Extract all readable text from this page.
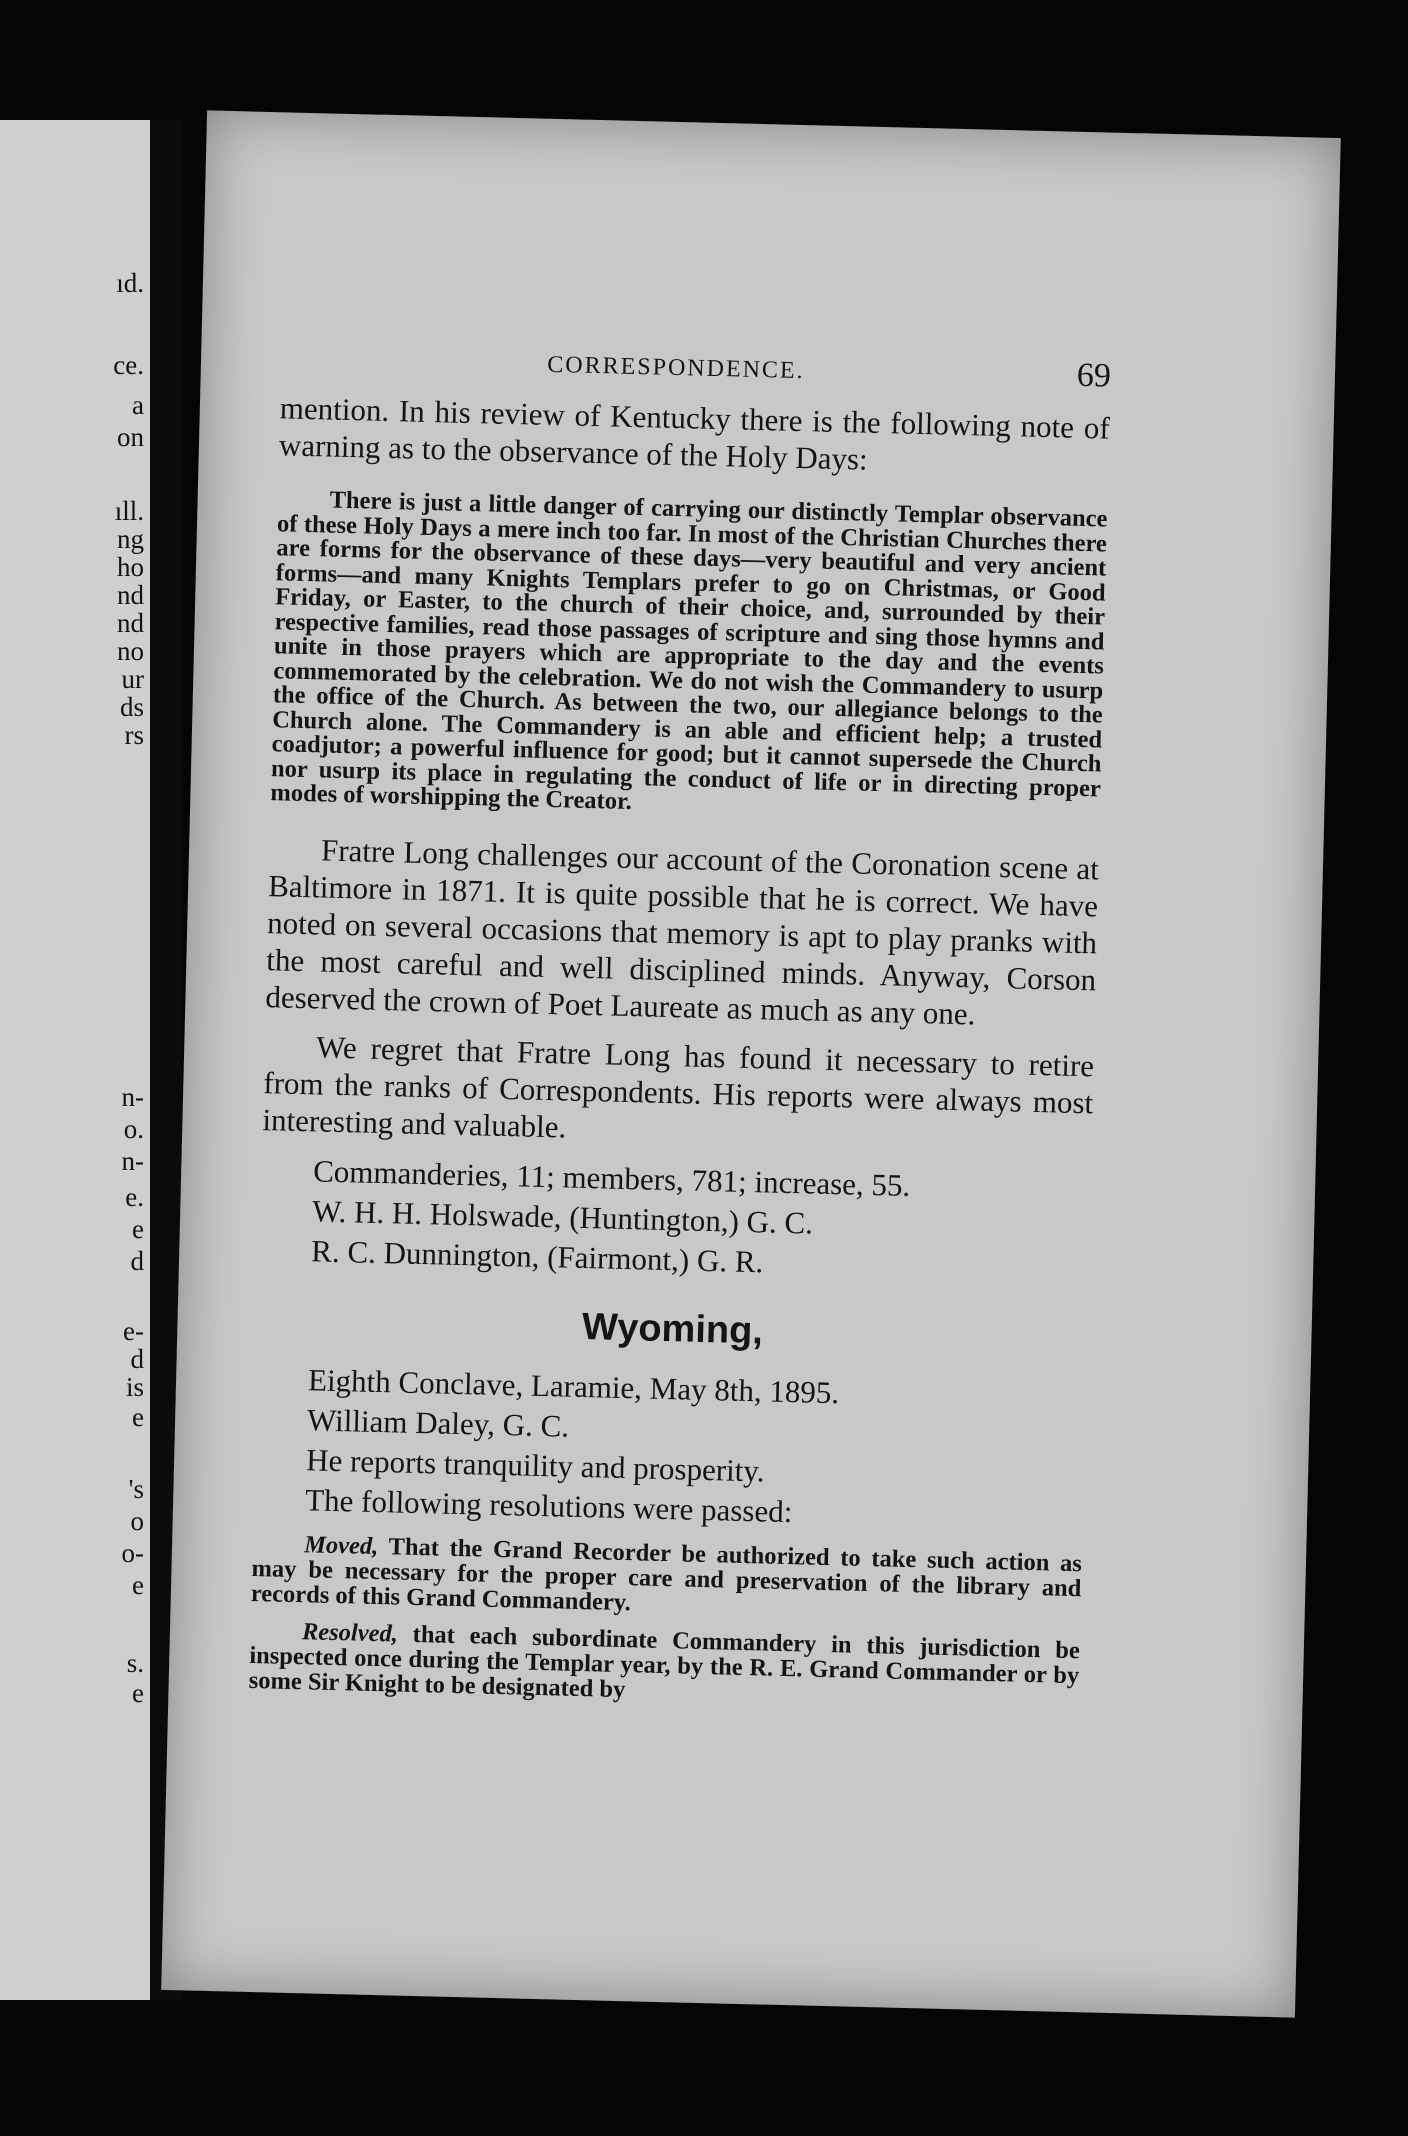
ıd.
ce.
a
on
ıll.
ng
ho
nd
nd
no
ur
ds
rs
n-
o.
n-
e.
e
d
e-
d
is
e
's
o
o-
e
s.
e
CORRESPONDENCE.	69

mention. In his review of Kentucky there is the following note of warning as to the observance of the Holy Days:

There is just a little danger of carrying our distinctly Templar observance of these Holy Days a mere inch too far. In most of the Christian Churches there are forms for the observance of these days—very beautiful and very ancient forms—and many Knights Templars prefer to go on Christmas, or Good Friday, or Easter, to the church of their choice, and, surrounded by their respective families, read those passages of scripture and sing those hymns and unite in those prayers which are appropriate to the day and the events commemorated by the celebration. We do not wish the Commandery to usurp the office of the Church. As between the two, our allegiance belongs to the Church alone. The Commandery is an able and efficient help; a trusted coadjutor; a powerful influence for good; but it cannot supersede the Church nor usurp its place in regulating the conduct of life or in directing proper modes of worshipping the Creator.

Fratre Long challenges our account of the Coronation scene at Baltimore in 1871. It is quite possible that he is correct. We have noted on several occasions that memory is apt to play pranks with the most careful and well disciplined minds. Anyway, Corson deserved the crown of Poet Laureate as much as any one.

We regret that Fratre Long has found it necessary to retire from the ranks of Correspondents. His reports were always most interesting and valuable.

Commanderies, 11; members, 781; increase, 55.

W. H. H. Holswade, (Huntington,) G. C.

R. C. Dunnington, (Fairmont,) G. R.

Wyoming,

Eighth Conclave, Laramie, May 8th, 1895.

William Daley, G. C.

He reports tranquility and prosperity.

The following resolutions were passed:

Moved, That the Grand Recorder be authorized to take such action as may be necessary for the proper care and preservation of the library and records of this Grand Commandery.

Resolved, that each subordinate Commandery in this jurisdiction be inspected once during the Templar year, by the R. E. Grand Commander or by some Sir Knight to be designated by
